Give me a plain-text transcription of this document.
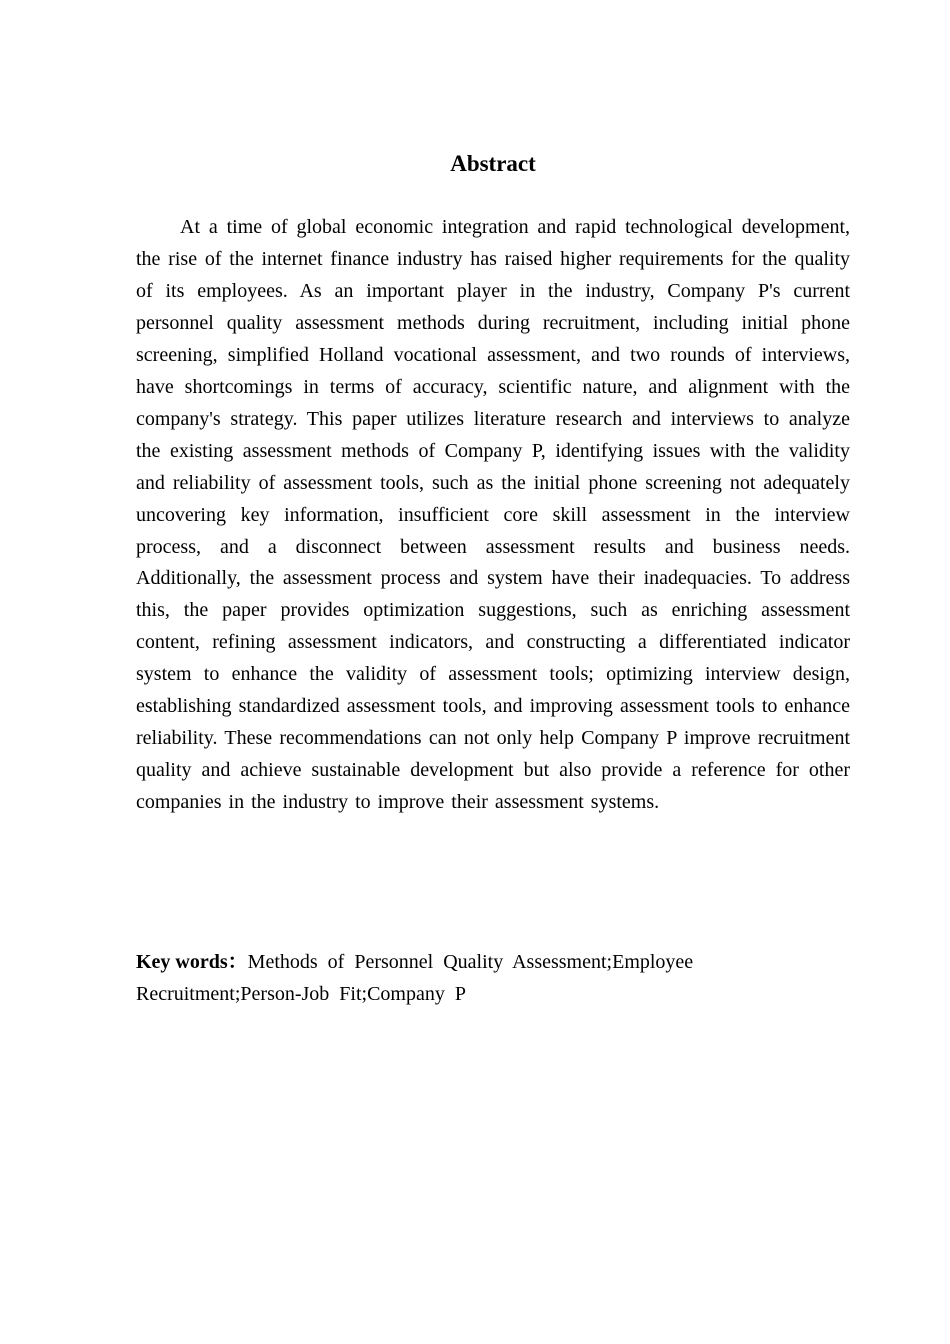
Abstract

At a time of global economic integration and rapid technological development, the rise of the internet finance industry has raised higher requirements for the quality of its employees. As an important player in the industry, Company P's current personnel quality assessment methods during recruitment, including initial phone screening, simplified Holland vocational assessment, and two rounds of interviews, have shortcomings in terms of accuracy, scientific nature, and alignment with the company's strategy. This paper utilizes literature research and interviews to analyze the existing assessment methods of Company P, identifying issues with the validity and reliability of assessment tools, such as the initial phone screening not adequately uncovering key information, insufficient core skill assessment in the interview process, and a disconnect between assessment results and business needs. Additionally, the assessment process and system have their inadequacies. To address this, the paper provides optimization suggestions, such as enriching assessment content, refining assessment indicators, and constructing a differentiated indicator system to enhance the validity of assessment tools; optimizing interview design, establishing standardized assessment tools, and improving assessment tools to enhance reliability. These recommendations can not only help Company P improve recruitment quality and achieve sustainable development but also provide a reference for other companies in the industry to improve their assessment systems.

Key words：Methods of Personnel Quality Assessment;Employee Recruitment;Person-Job Fit;Company P
